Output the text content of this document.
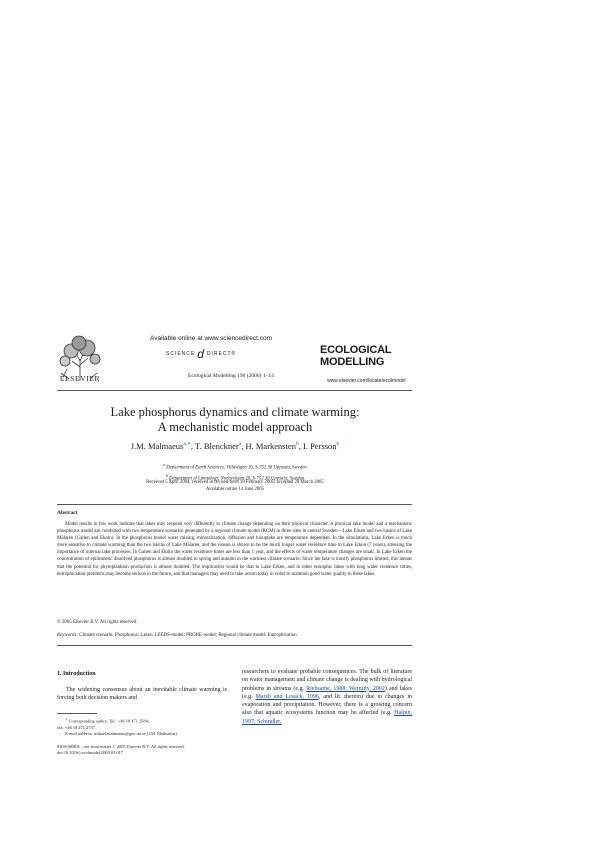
ELSEVIER
Available online at www.sciencedirect.com
SCIENCE d DIRECT®
Ecological Modelling 190 (2006) 1–14
ECOLOGICAL
MODELLING
www.elsevier.com/locate/ecolmodel
Lake phosphorus dynamics and climate warming:
A mechanistic model approach
J.M. Malmaeus$^{a,∗}$, T. Blenckner$^a$, H. Markensten$^b$, I. Persson$^b$
$^a$ Department of Earth Sciences, Villavägen 16, S-752 36 Uppsala, Sweden
$^b$ Department of Limnology, Norbyvägen 20, S-752 36 Uppsala, Sweden
Received 5 April 2004; received in revised form 18 February 2005; accepted 28 March 2005
Available online 14 June 2005
Abstract
Model results in this work indicate that lakes may respond very differently to climate change depending on their physical character. A physical lake model and a mechanistic phosphorus model are combined with two temperature scenarios generated by a regional climate model (RCM) in three sites in central Sweden—Lake Erken and two basins of Lake Mälaren (Galten and Ekoln). In the phosphorus model water mixing, mineralization, diffusion and biouptake are temperature dependent. In the simulations, Lake Erken is much more sensitive to climate warming than the two basins of Lake Mälaren, and the reason is shown to be the much longer water residence time in Lake Erken (7 years), stressing the importance of internal lake processes. In Galten and Ekoln the water residence times are less than 1 year, and the effects of water temperature changes are small. In Lake Erken the concentration of epilimnetic dissolved phosphorus is almost doubled in spring and autumn in the warmest climate scenario. Since the lake is mostly phosphorus limited, this means that the potential for phytoplankton production is almost doubled. The implication would be that in Lake Erken, and in other eutrophic lakes with long water residence times, eutrophication problems may become serious in the future, and that managers may need to take action today in order to maintain good water quality in these lakes.
© 2005 Elsevier B.V. All rights reserved.
Keywords: Climate scenario; Phosphorus; Lakes; LEEDS-model; PROBE-model; Regional climate model; Eutrophication
1. Introduction
The widening consensus about an inevitable climate warming is forcing both decision makers and
researchers to evaluate probable consequences. The bulk of literature on water management and climate change is dealing with hydrological problems in streams (e.g. Riebsame, 1988; Wernitty, 2002) and lakes (e.g. Marsh and Lesack, 1996, and lit. therein) due to changes in evaporation and precipitation. However, there is a growing concern also that aquatic ecosystems function may be affected (e.g. Halpin, 1997; Schindler,
∗ Corresponding author. Tel.: +46 18 471 2584;
fax: +46 18 471 2737.
E-mail address: mikael.malmaeus@geo.uu.se (J.M. Malmaeus).
0304-3800/$ – see front matter © 2005 Elsevier B.V. All rights reserved.
doi:10.1016/j.ecolmodel.2005.03.017
